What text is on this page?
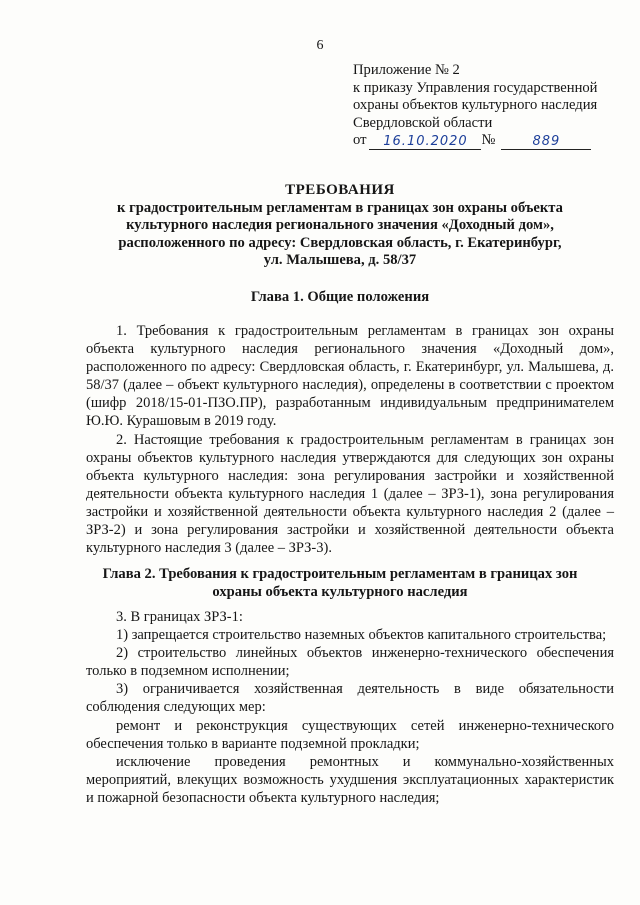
6
Приложение № 2
к приказу Управления государственной
охраны объектов культурного наследия
Свердловской области
от	16.10.2020 №	889
ТРЕБОВАНИЯ
к градостроительным регламентам в границах зон охраны объекта
культурного наследия регионального значения «Доходный дом»,
расположенного по адресу: Свердловская область, г. Екатеринбург,
ул. Малышева, д. 58/37
Глава 1. Общие положения

1. Требования к градостроительным регламентам в границах зон охраны объекта культурного наследия регионального значения «Доходный дом», расположенного по адресу: Свердловская область, г. Екатеринбург, ул. Малышева, д. 58/37 (далее – объект культурного наследия), определены в соответствии с проектом (шифр 2018/15-01-ПЗО.ПР), разработанным индивидуальным предпринимателем Ю.Ю. Курашовым в 2019 году.

2. Настоящие требования к градостроительным регламентам в границах зон охраны объектов культурного наследия утверждаются для следующих зон охраны объекта культурного наследия: зона регулирования застройки и хозяйственной деятельности объекта культурного наследия 1 (далее – ЗРЗ-1), зона регулирования застройки и хозяйственной деятельности объекта культурного наследия 2 (далее – ЗРЗ-2) и зона регулирования застройки и хозяйственной деятельности объекта культурного наследия 3 (далее – ЗРЗ-3).

Глава 2. Требования к градостроительным регламентам в границах зон
охраны объекта культурного наследия

3. В границах ЗРЗ-1:

1) запрещается строительство наземных объектов капитального строительства;

2) строительство линейных объектов инженерно-технического обеспечения только в подземном исполнении;

3) ограничивается хозяйственная деятельность в виде обязательности соблюдения следующих мер:

ремонт и реконструкция существующих сетей инженерно-технического обеспечения только в варианте подземной прокладки;

исключение проведения ремонтных и коммунально-хозяйственных мероприятий, влекущих возможность ухудшения эксплуатационных характеристик и пожарной безопасности объекта культурного наследия;
